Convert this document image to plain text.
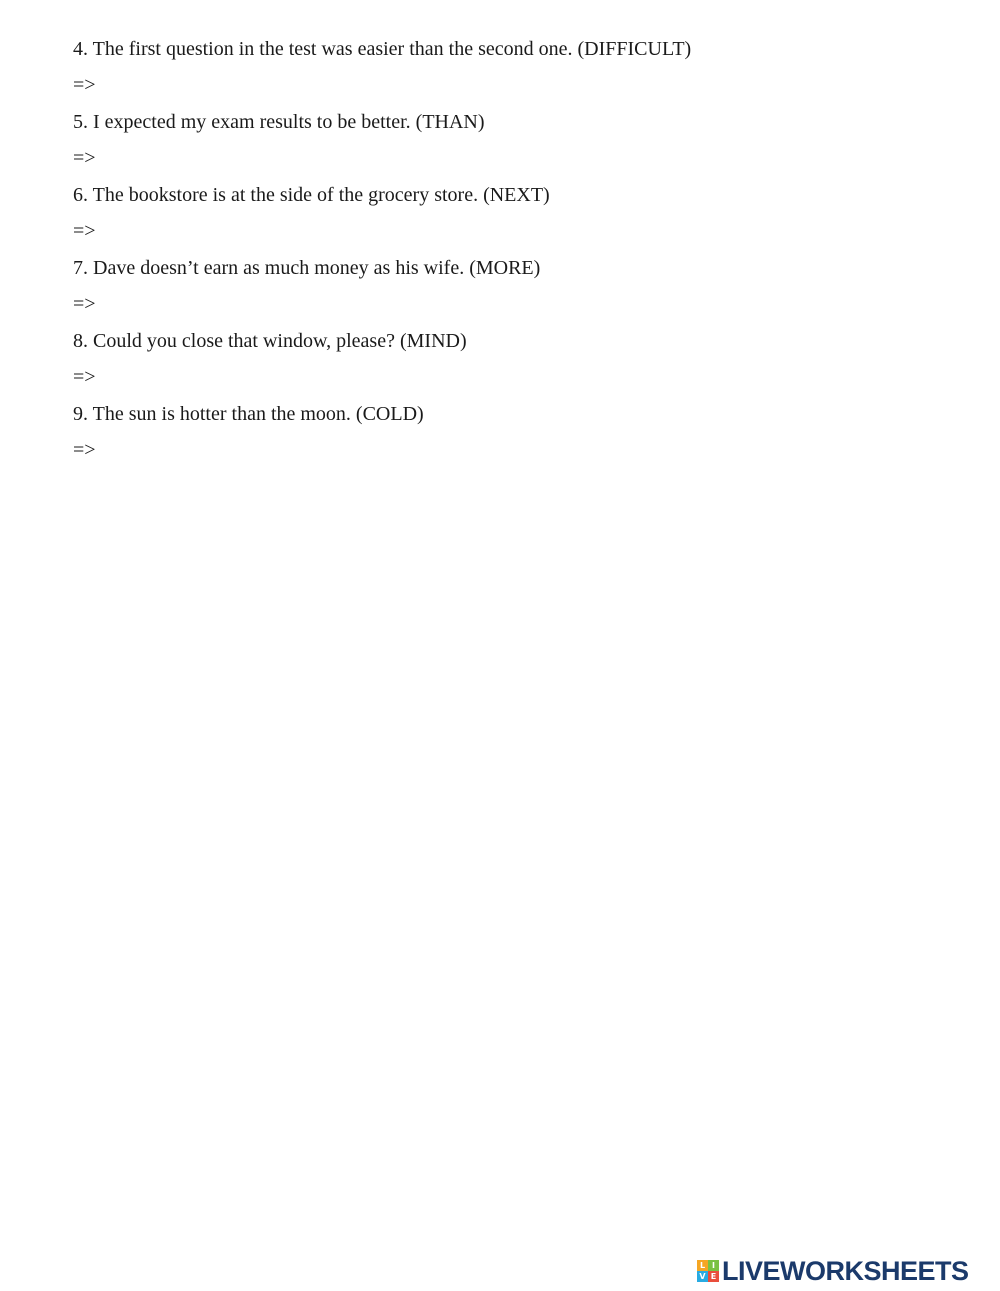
4. The first question in the test was easier than the second one. (DIFFICULT)

=>

5. I expected my exam results to be better. (THAN)

=>

6. The bookstore is at the side of the grocery store. (NEXT)

=>

7. Dave doesn’t earn as much money as his wife. (MORE)

=>

8. Could you close that window, please? (MIND)

=>

9. The sun is hotter than the moon. (COLD)

=>

L I
V E LIVEWORKSHEETS
